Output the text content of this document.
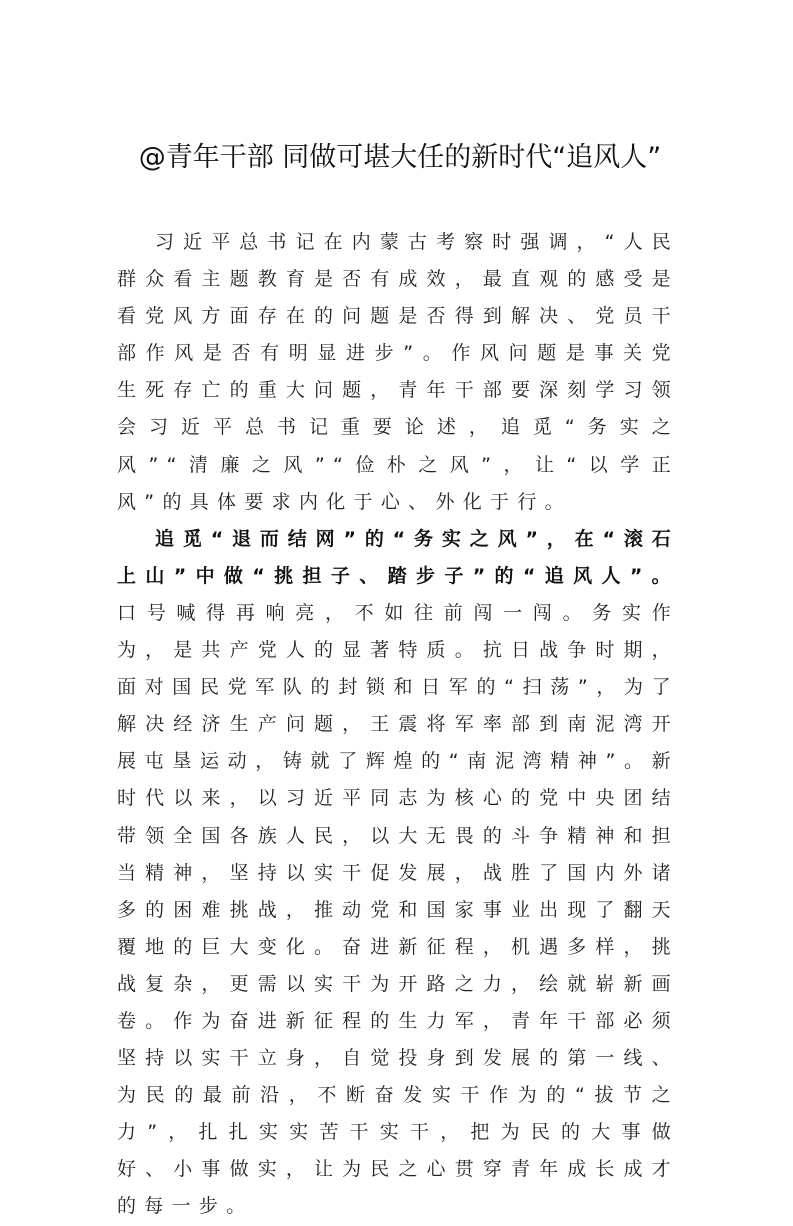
@青年干部 同做可堪大任的新时代“追风人”

习近平总书记在内蒙古考察时强调，“人民群众看主题教育是否有成效，最直观的感受是看党风方面存在的问题是否得到解决、党员干部作风是否有明显进步”。作风问题是事关党生死存亡的重大问题，青年干部要深刻学习领会习近平总书记重要论述，追觅“务实之风”“清廉之风”“俭朴之风”，让“以学正风”的具体要求内化于心、外化于行。

追觅“退而结网”的“务实之风”，在“滚石上山”中做“挑担子、踏步子”的“追风人”。口号喊得再响亮，不如往前闯一闯。务实作为，是共产党人的显著特质。抗日战争时期，面对国民党军队的封锁和日军的“扫荡”，为了解决经济生产问题，王震将军率部到南泥湾开展屯垦运动，铸就了辉煌的“南泥湾精神”。新时代以来，以习近平同志为核心的党中央团结带领全国各族人民，以大无畏的斗争精神和担当精神，坚持以实干促发展，战胜了国内外诸多的困难挑战，推动党和国家事业出现了翻天覆地的巨大变化。奋进新征程，机遇多样，挑战复杂，更需以实干为开路之力，绘就崭新画卷。作为奋进新征程的生力军，青年干部必须坚持以实干立身，自觉投身到发展的第一线、为民的最前沿，不断奋发实干作为的“拔节之力”，扎扎实实苦干实干，把为民的大事做好、小事做实，让为民之心贯穿青年成长成才的每一步。
